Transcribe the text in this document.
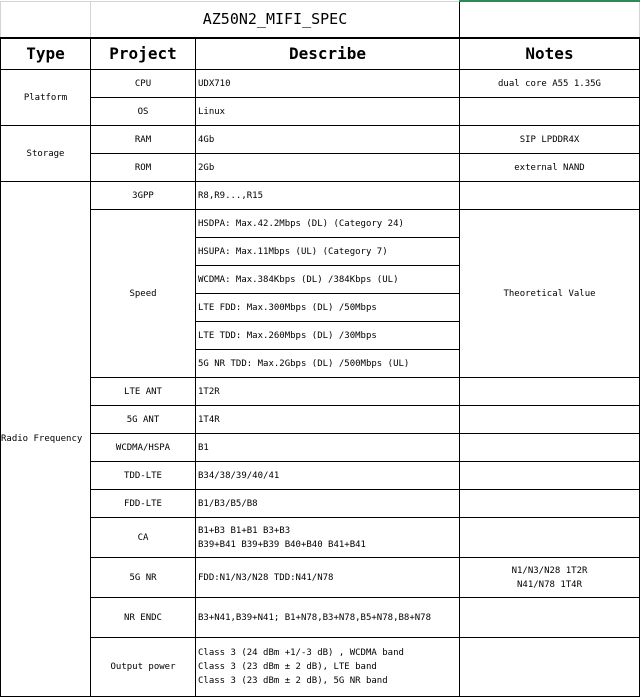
	AZ50N2_MIFI_SPEC		
Type	Project	Describe	Notes
Platform	CPU	UDX710	dual core A55 1.35G
	OS	Linux	
Storage	RAM	4Gb	SIP LPDDR4X
	ROM	2Gb	external NAND
Radio Frequency	3GPP	R8,R9...,R15	
	Speed	HSDPA: Max.42.2Mbps (DL) (Category 24)	Theoretical Value
		HSUPA: Max.11Mbps (UL) (Category 7)	
		WCDMA: Max.384Kbps (DL) /384Kbps (UL)	
		LTE FDD: Max.300Mbps (DL) /50Mbps	
		LTE TDD: Max.260Mbps (DL) /30Mbps	
		5G NR TDD: Max.2Gbps (DL) /500Mbps (UL)	
	LTE ANT	1T2R	
	5G ANT	1T4R	
	WCDMA/HSPA	B1	
	TDD-LTE	B34/38/39/40/41	
	FDD-LTE	B1/B3/B5/B8	
	CA	B1+B3 B1+B1 B3+B3
B39+B41 B39+B39 B40+B40 B41+B41	

	5G NR	FDD:N1/N3/N28 TDD:N41/N78	N1/N3/N28 1T2R
N41/N78 1T4R

	NR ENDC	B3+N41,B39+N41; B1+N78,B3+N78,B5+N78,B8+N78	
	Output power	Class 3 (24 dBm +1/-3 dB) , WCDMA band
Class 3 (23 dBm ± 2 dB), LTE band
Class 3 (23 dBm ± 2 dB), 5G NR band	
